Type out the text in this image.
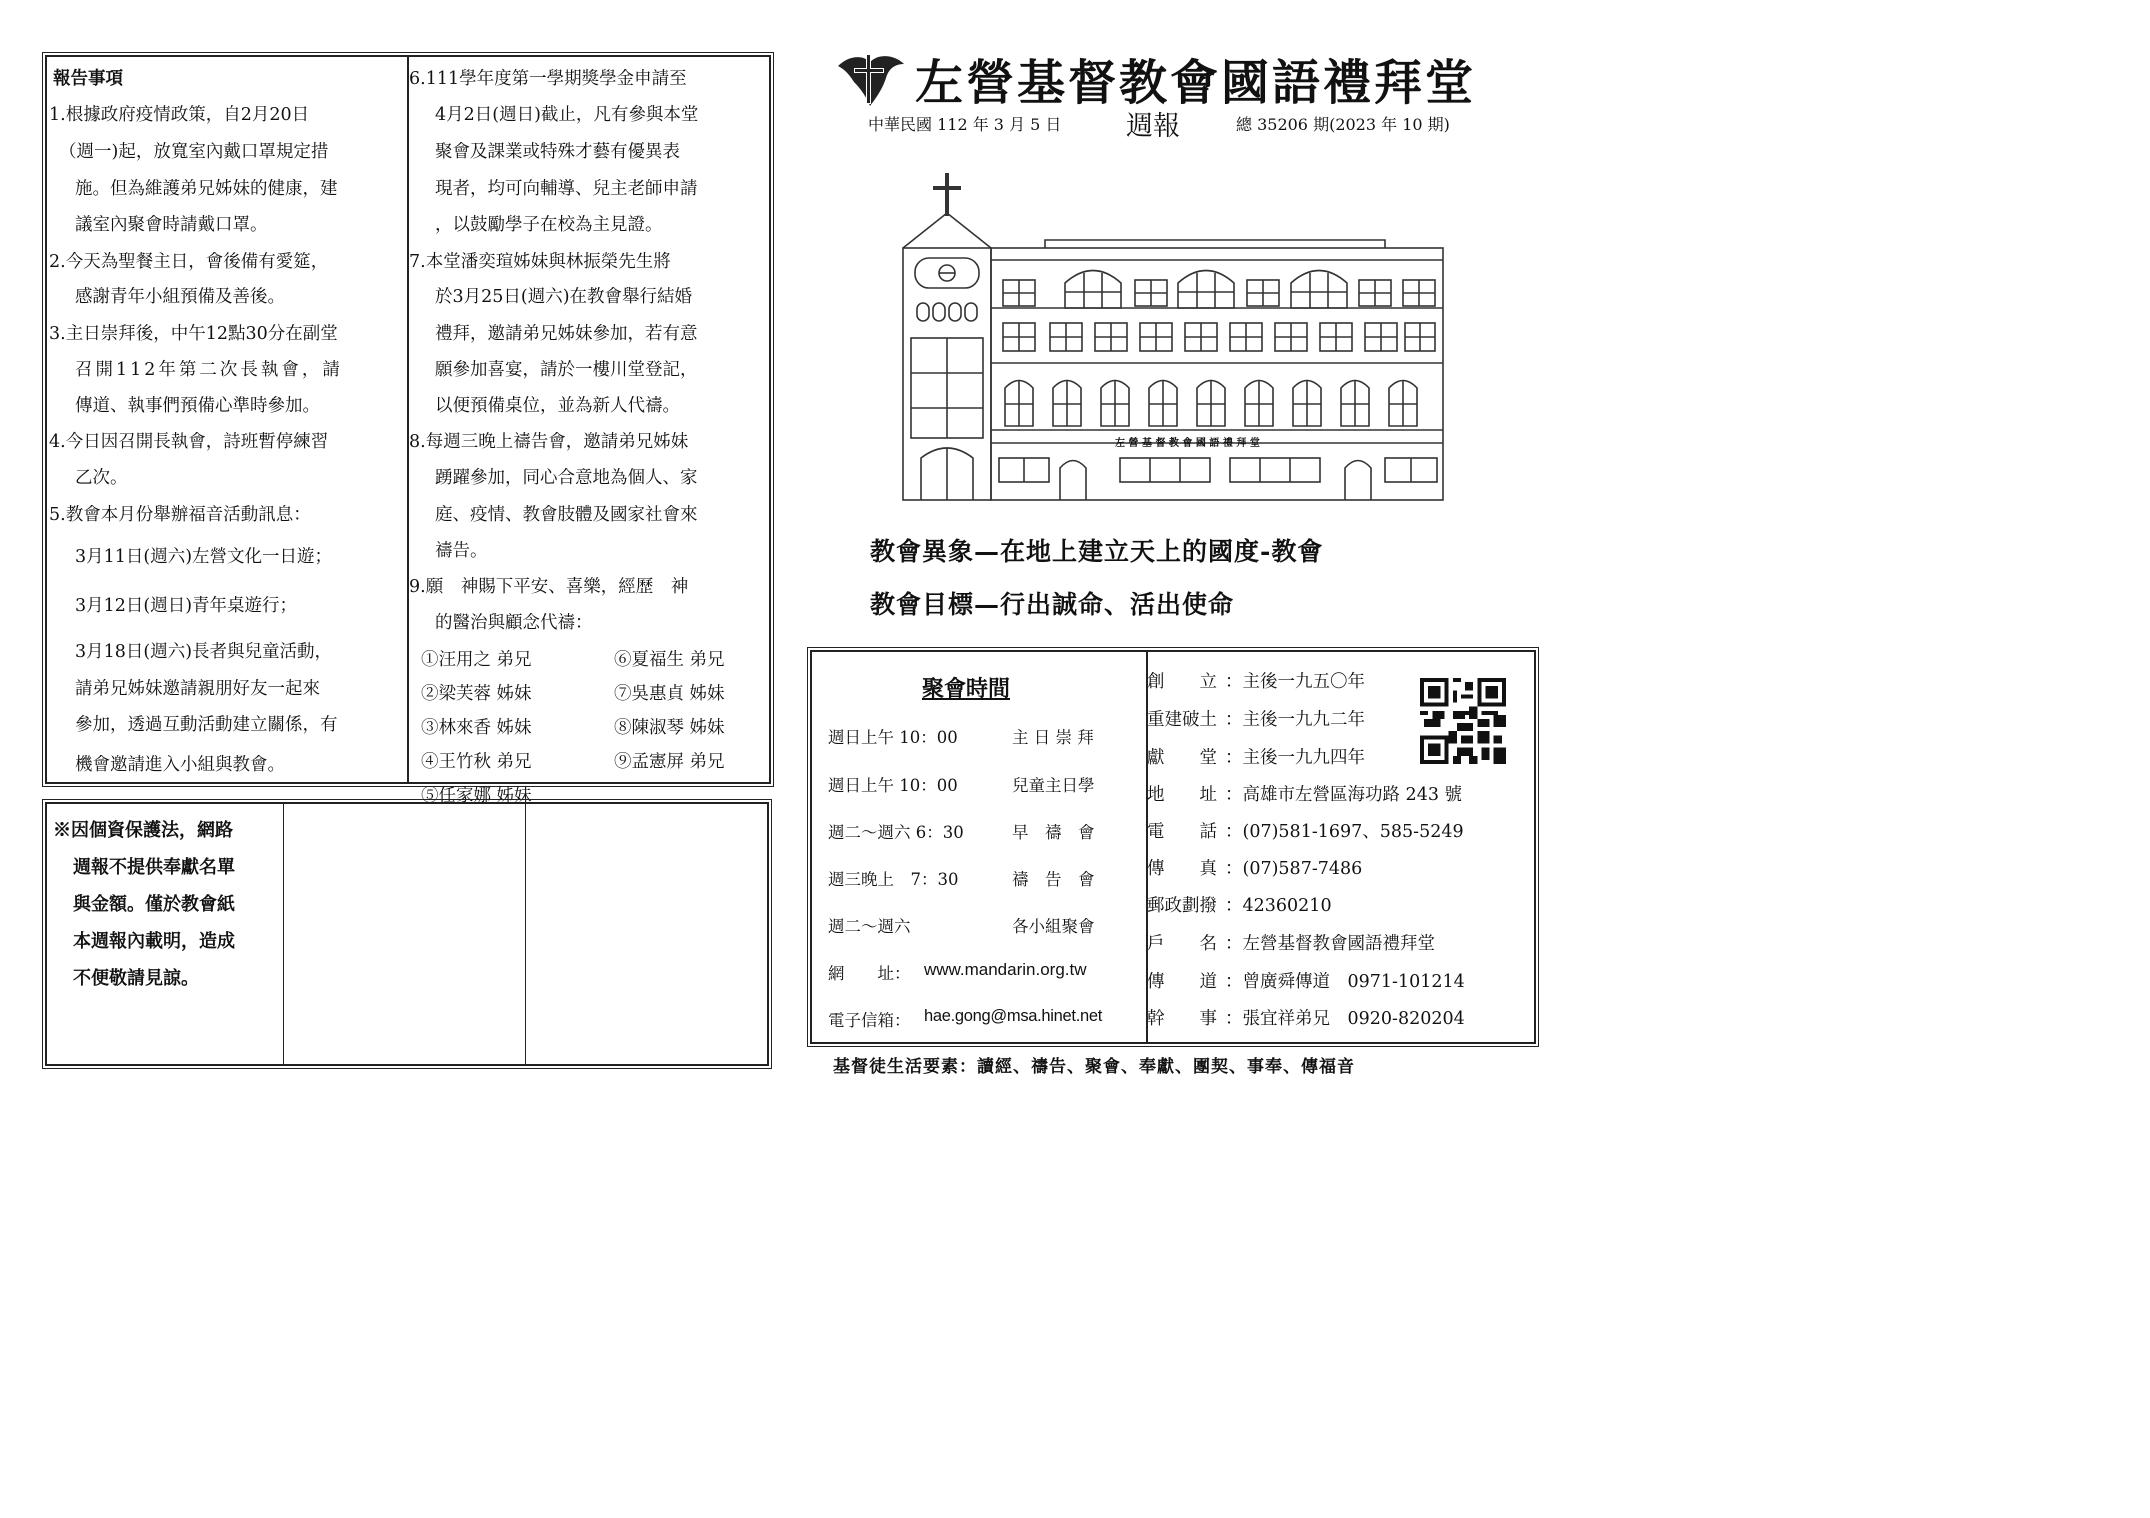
報告事項
1.根據政府疫情政策，自2月20日
（週一)起，放寬室內戴口罩規定措
施。但為維護弟兄姊妹的健康，建
議室內聚會時請戴口罩。
2.今天為聖餐主日，會後備有愛筵，
感謝青年小組預備及善後。
3.主日崇拜後，中午12點30分在副堂
召開112年第二次長執會，請
傳道、執事們預備心準時參加。
4.今日因召開長執會，詩班暫停練習
乙次。
5.教會本月份舉辦福音活動訊息：
3月11日(週六)左營文化一日遊；
3月12日(週日)青年桌遊行；
3月18日(週六)長者與兒童活動，
請弟兄姊妹邀請親朋好友一起來
參加，透過互動活動建立關係，有
機會邀請進入小組與教會。
6.111學年度第一學期獎學金申請至
4月2日(週日)截止，凡有參與本堂
聚會及課業或特殊才藝有優異表
現者，均可向輔導、兒主老師申請
，以鼓勵學子在校為主見證。
7.本堂潘奕瑄姊妹與林振榮先生將
於3月25日(週六)在教會舉行結婚
禮拜，邀請弟兄姊妹參加，若有意
願參加喜宴，請於一樓川堂登記，
以便預備桌位，並為新人代禱。
8.每週三晚上禱告會，邀請弟兄姊妹
踴躍參加，同心合意地為個人、家
庭、疫情、教會肢體及國家社會來
禱告。
9.願　神賜下平安、喜樂，經歷　神
的醫治與顧念代禱：
①汪用之 弟兄	⑥夏福生 弟兄
②梁芙蓉 姊妹	⑦吳惠貞 姊妹
③林來香 姊妹	⑧陳淑琴 姊妹
④王竹秋 弟兄	⑨孟憲屏 弟兄
⑤任家娜 姊妹
※因個資保護法，網路
週報不提供奉獻名單
與金額。僅於教會紙
本週報內載明，造成
不便敬請見諒。
左營基督教會國語禮拜堂
中華民國 112 年 3 月 5 日 週報	總 35206 期(2023 年 10 期)
左 營 基 督 教 會 國 語 禮 拜 堂
教會異象—在地上建立天上的國度-教會
教會目標—行出誠命、活出使命
聚會時間
週日上午 10：00	主 日 崇 拜
週日上午 10：00	兒童主日學
週二～週六 6：30	早　禱　會
週三晚上　7：30	禱　告　會
週二～週六	各小組聚會
網　　址： www.mandarin.org.tw
電子信箱： hae.gong@msa.hinet.net
創　　立 ：主後一九五〇年
重建破土 ：主後一九九二年
獻　　堂 ：主後一九九四年
地　　址 ：高雄市左營區海功路 243 號
電　　話 ：(07)581-1697、585-5249
傳　　真 ：(07)587-7486
郵政劃撥 ：42360210
戶　　名 ：左營基督教會國語禮拜堂
傳　　道 ：曾廣舜傳道　0971-101214
幹　　事 ：張宜祥弟兄　0920-820204
基督徒生活要素：讀經、禱告、聚會、奉獻、團契、事奉、傳福音
